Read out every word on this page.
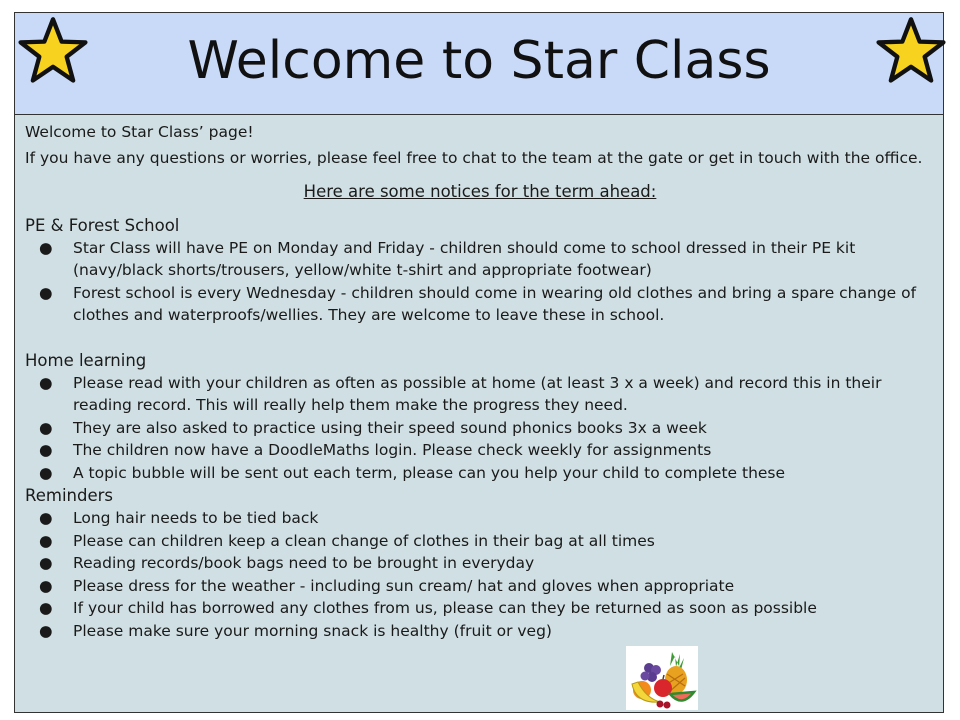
Welcome to Star Class

Welcome to Star Class’ page!

If you have any questions or worries, please feel free to chat to the team at the gate or get in touch with the office.

Here are some notices for the term ahead:

PE & Forest School

● Star Class will have PE on Monday and Friday - children should come to school dressed in their PE kit (navy/black shorts/trousers, yellow/white t-shirt and appropriate footwear)
● Forest school is every Wednesday - children should come in wearing old clothes and bring a spare change of clothes and waterproofs/wellies. They are welcome to leave these in school.

Home learning

● Please read with your children as often as possible at home (at least 3 x a week) and record this in their reading record. This will really help them make the progress they need.
● They are also asked to practice using their speed sound phonics books 3x a week
● The children now have a DoodleMaths login. Please check weekly for assignments
● A topic bubble will be sent out each term, please can you help your child to complete these

Reminders

● Long hair needs to be tied back
● Please can children keep a clean change of clothes in their bag at all times
● Reading records/book bags need to be brought in everyday
● Please dress for the weather - including sun cream/ hat and gloves when appropriate
● If your child has borrowed any clothes from us, please can they be returned as soon as possible
● Please make sure your morning snack is healthy (fruit or veg)
